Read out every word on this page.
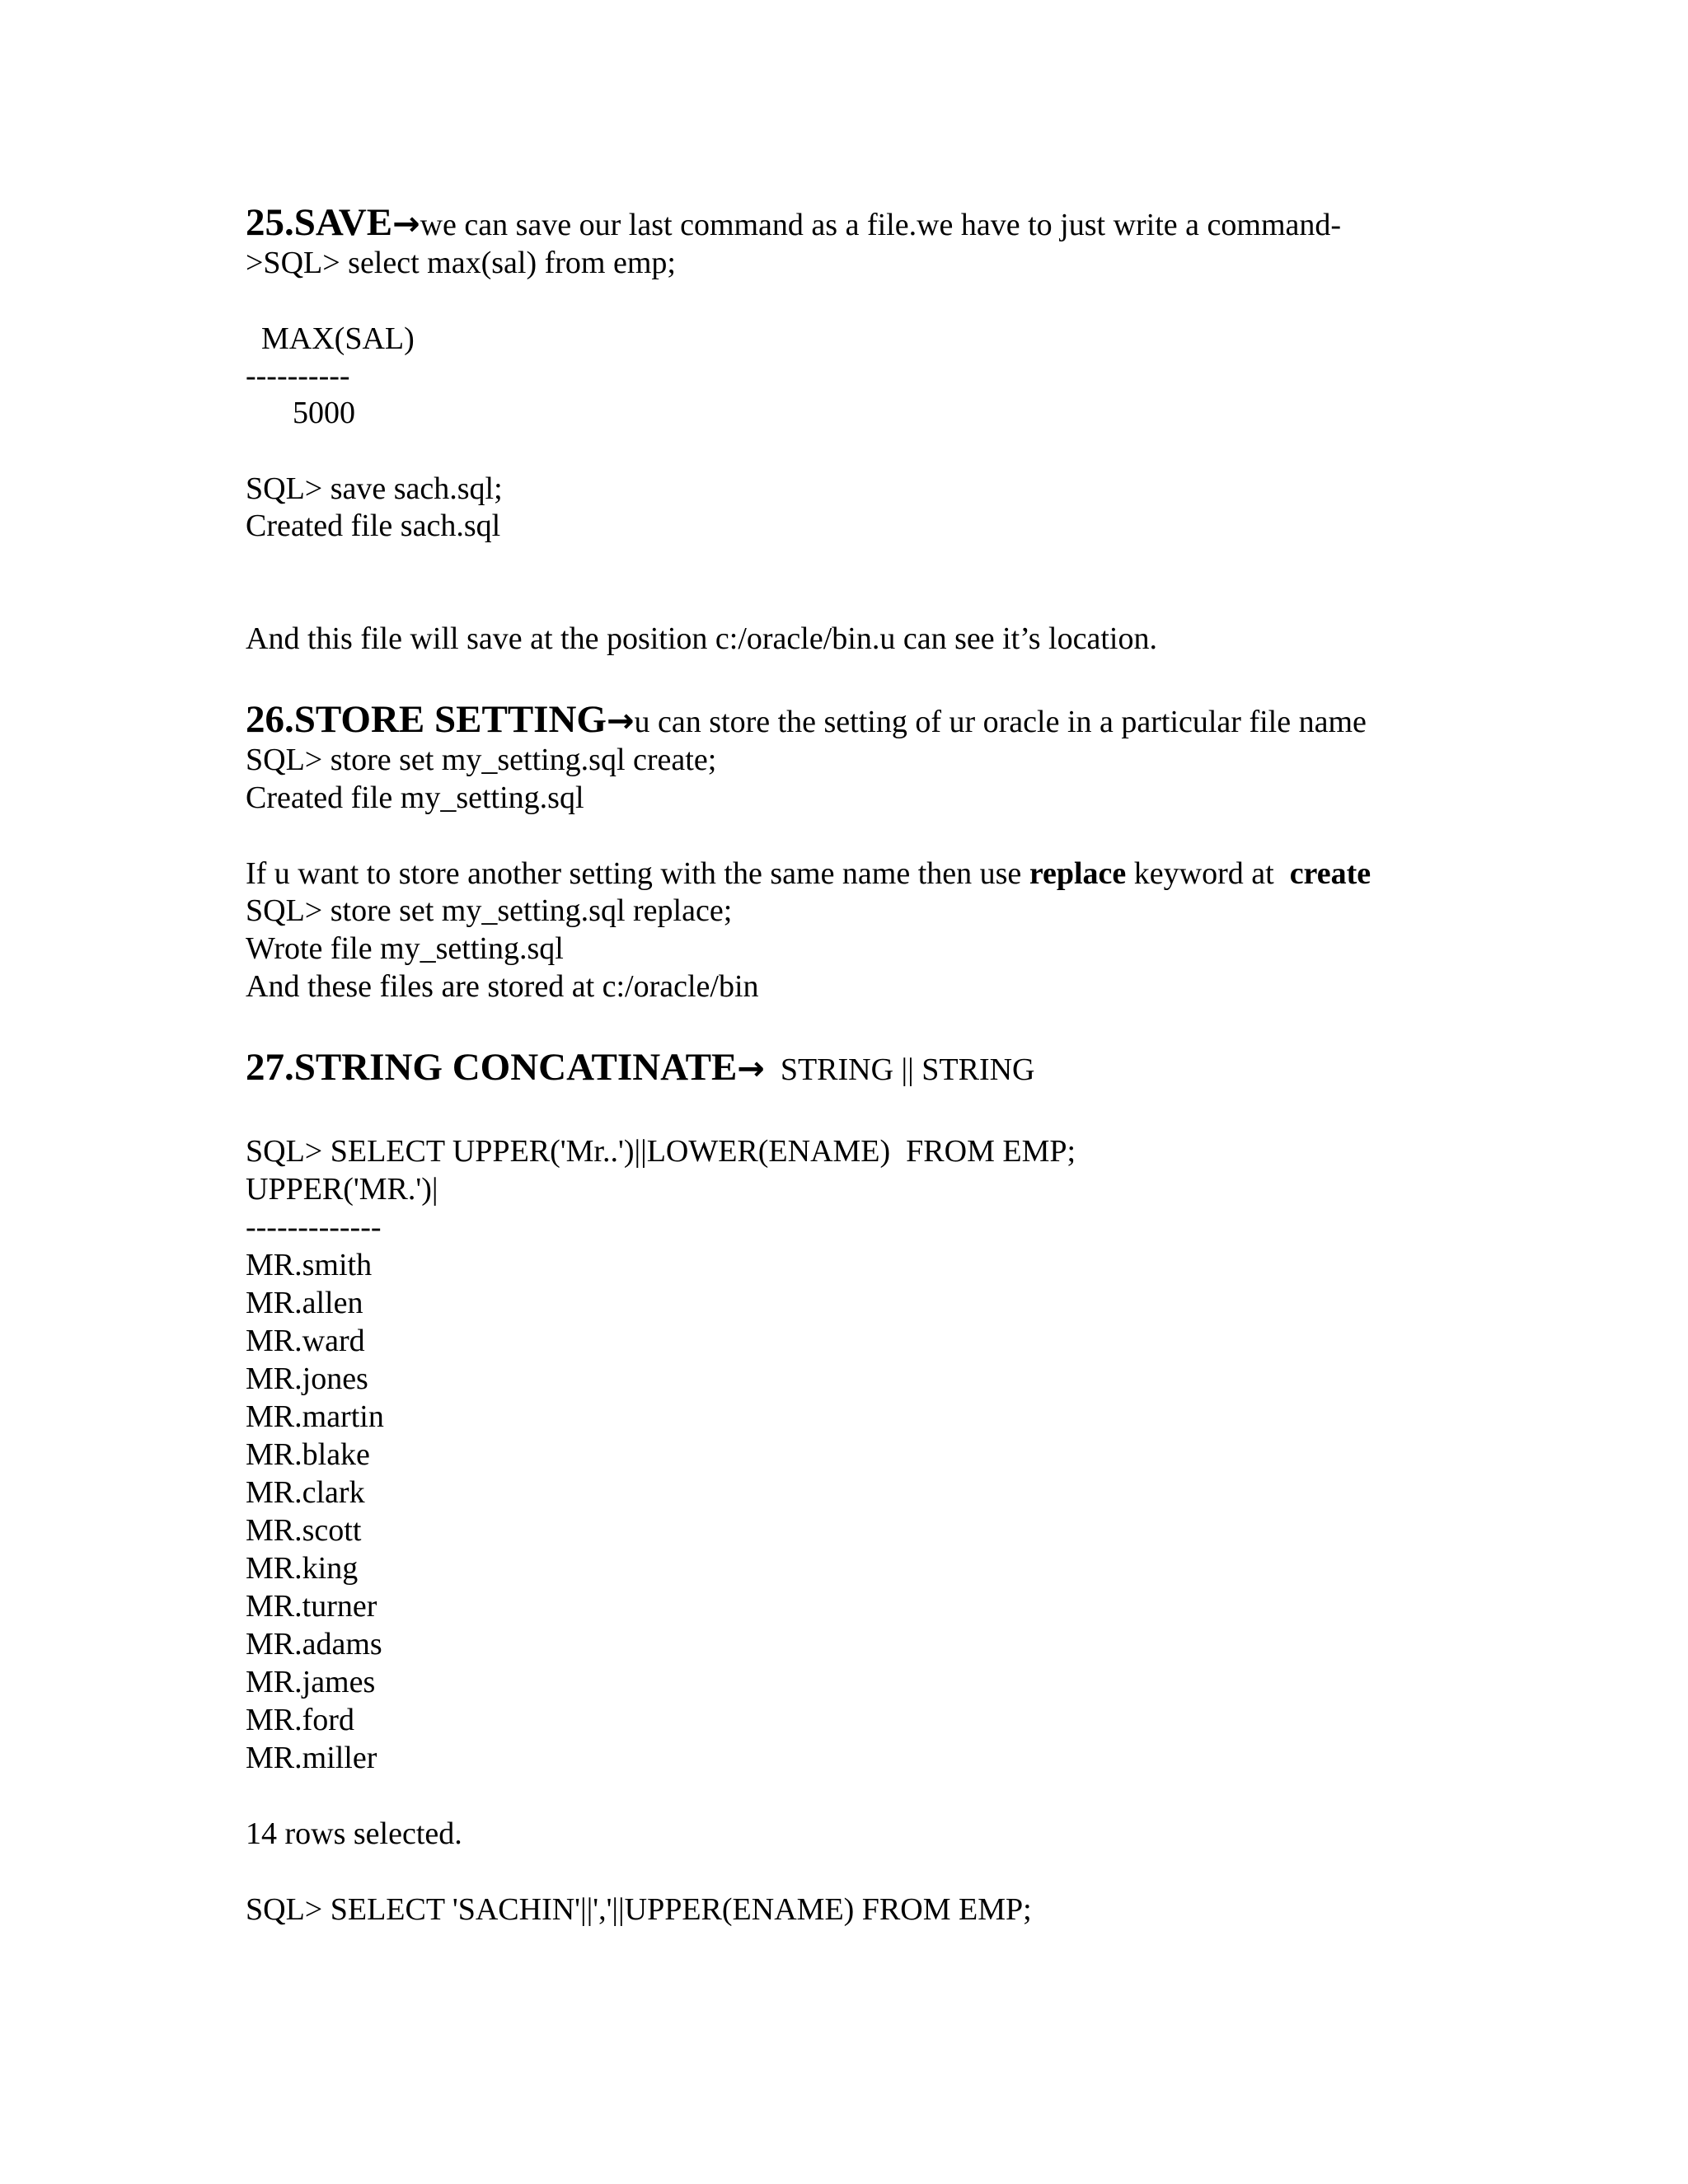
25.SAVE→we can save our last command as a file.we have to just write a command-
>SQL> select max(sal) from emp;
MAX(SAL)
----------
5000
SQL> save sach.sql;
Created file sach.sql
And this file will save at the position c:/oracle/bin.u can see it’s location.
26.STORE SETTING→u can store the setting of ur oracle in a particular file name
SQL> store set my_setting.sql create;
Created file my_setting.sql
If u want to store another setting with the same name then use replace keyword at  create
SQL> store set my_setting.sql replace;
Wrote file my_setting.sql
And these files are stored at c:/oracle/bin
27.STRING CONCATINATE→  STRING || STRING
SQL> SELECT UPPER('Mr..')||LOWER(ENAME)  FROM EMP;
UPPER('MR.')|
-------------
MR.smith
MR.allen
MR.ward
MR.jones
MR.martin
MR.blake
MR.clark
MR.scott
MR.king
MR.turner
MR.adams
MR.james
MR.ford
MR.miller
14 rows selected.
SQL> SELECT 'SACHIN'||','||UPPER(ENAME) FROM EMP;
